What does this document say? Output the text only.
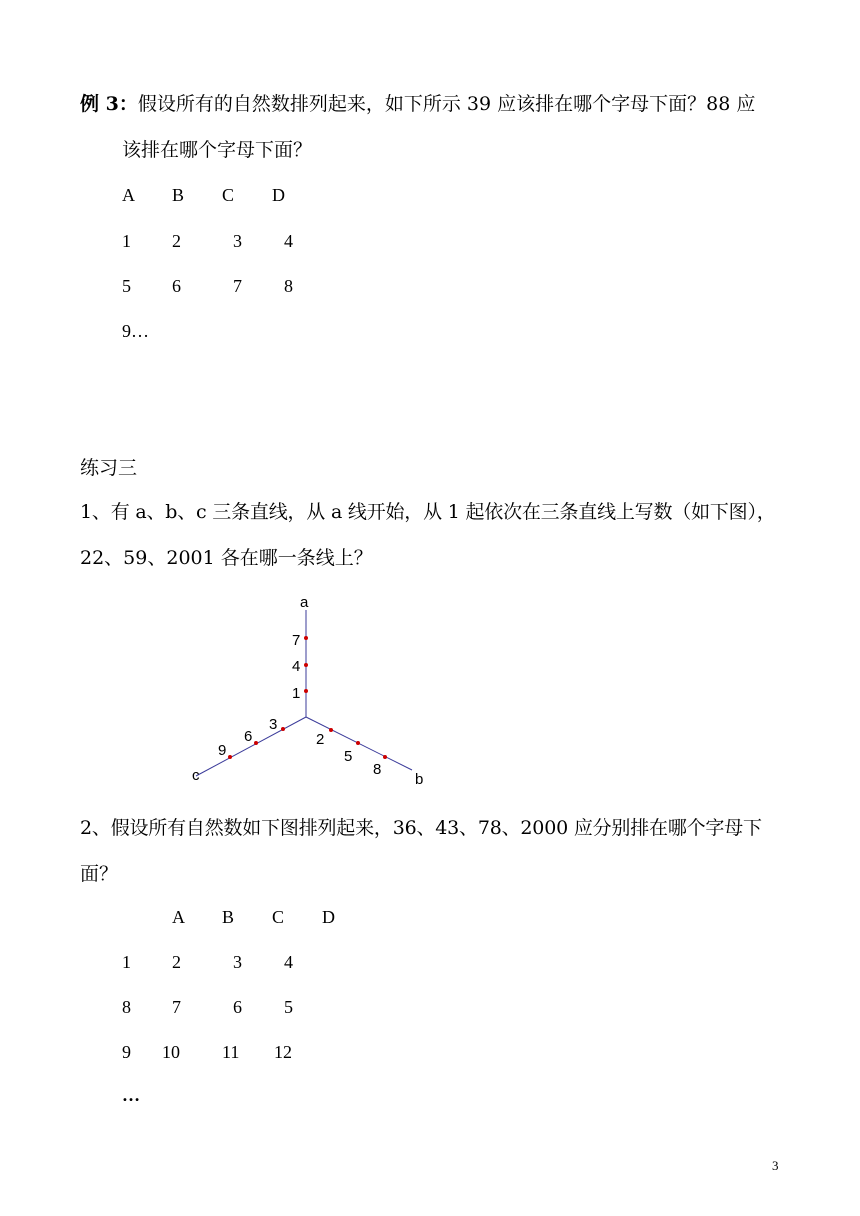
例 3：假设所有的自然数排列起来，如下所示 39 应该排在哪个字母下面？88 应
该排在哪个字母下面？
A B C D
1 2	3 4
5 6	7 8
9…
练习三
1、有 a、b、c 三条直线，从 a 线开始，从 1 起依次在三条直线上写数（如下图），
22、59、2001 各在哪一条线上？
a
b
c
7
4
1
2
5
8
3
6
9
2、假设所有自然数如下图排列起来，36、43、78、2000 应分别排在哪个字母下
面？
A B C D
1 2	3 4
8 7	6 5
9 10 11 12
…
3
